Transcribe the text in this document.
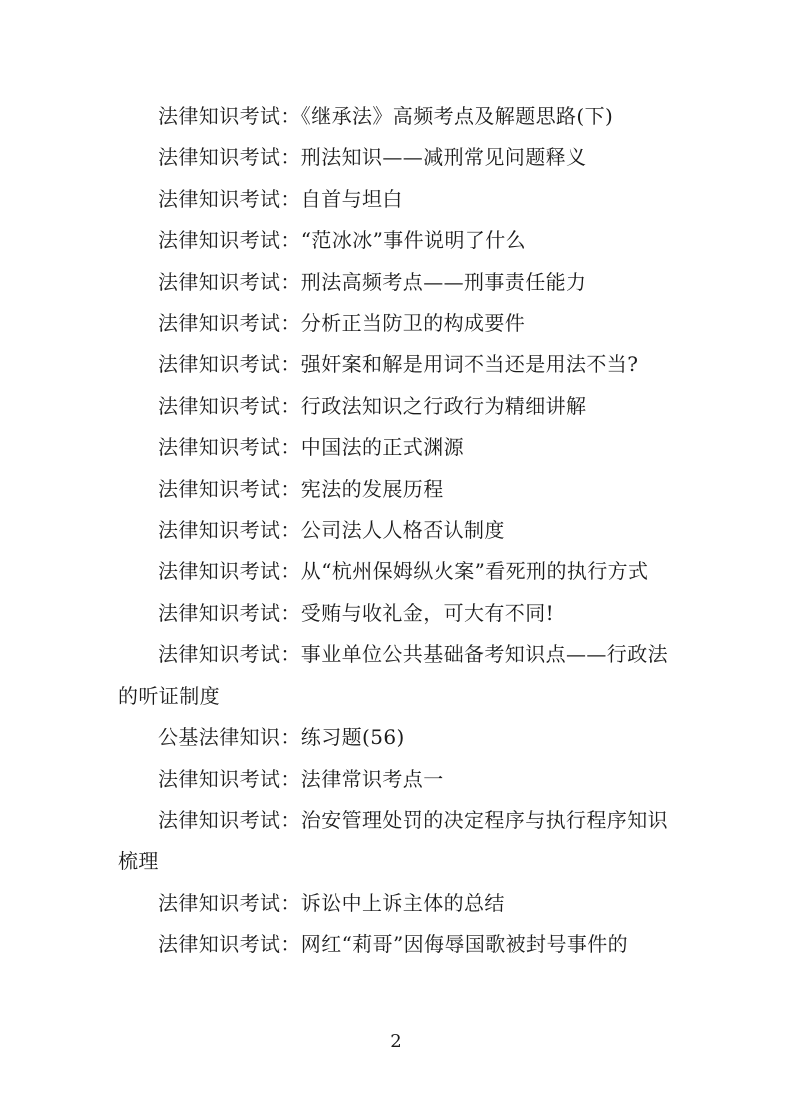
法律知识考试：《继承法》高频考点及解题思路(下)

法律知识考试：刑法知识——减刑常见问题释义

法律知识考试：自首与坦白

法律知识考试：“范冰冰”事件说明了什么

法律知识考试：刑法高频考点——刑事责任能力

法律知识考试：分析正当防卫的构成要件

法律知识考试：强奸案和解是用词不当还是用法不当?

法律知识考试：行政法知识之行政行为精细讲解

法律知识考试：中国法的正式渊源

法律知识考试：宪法的发展历程

法律知识考试：公司法人人格否认制度

法律知识考试：从“杭州保姆纵火案”看死刑的执行方式

法律知识考试：受贿与收礼金，可大有不同!

法律知识考试：事业单位公共基础备考知识点——行政法的听证制度

公基法律知识：练习题(56)

法律知识考试：法律常识考点一

法律知识考试：治安管理处罚的决定程序与执行程序知识梳理

法律知识考试：诉讼中上诉主体的总结

法律知识考试：网红“莉哥”因侮辱国歌被封号事件的

2
